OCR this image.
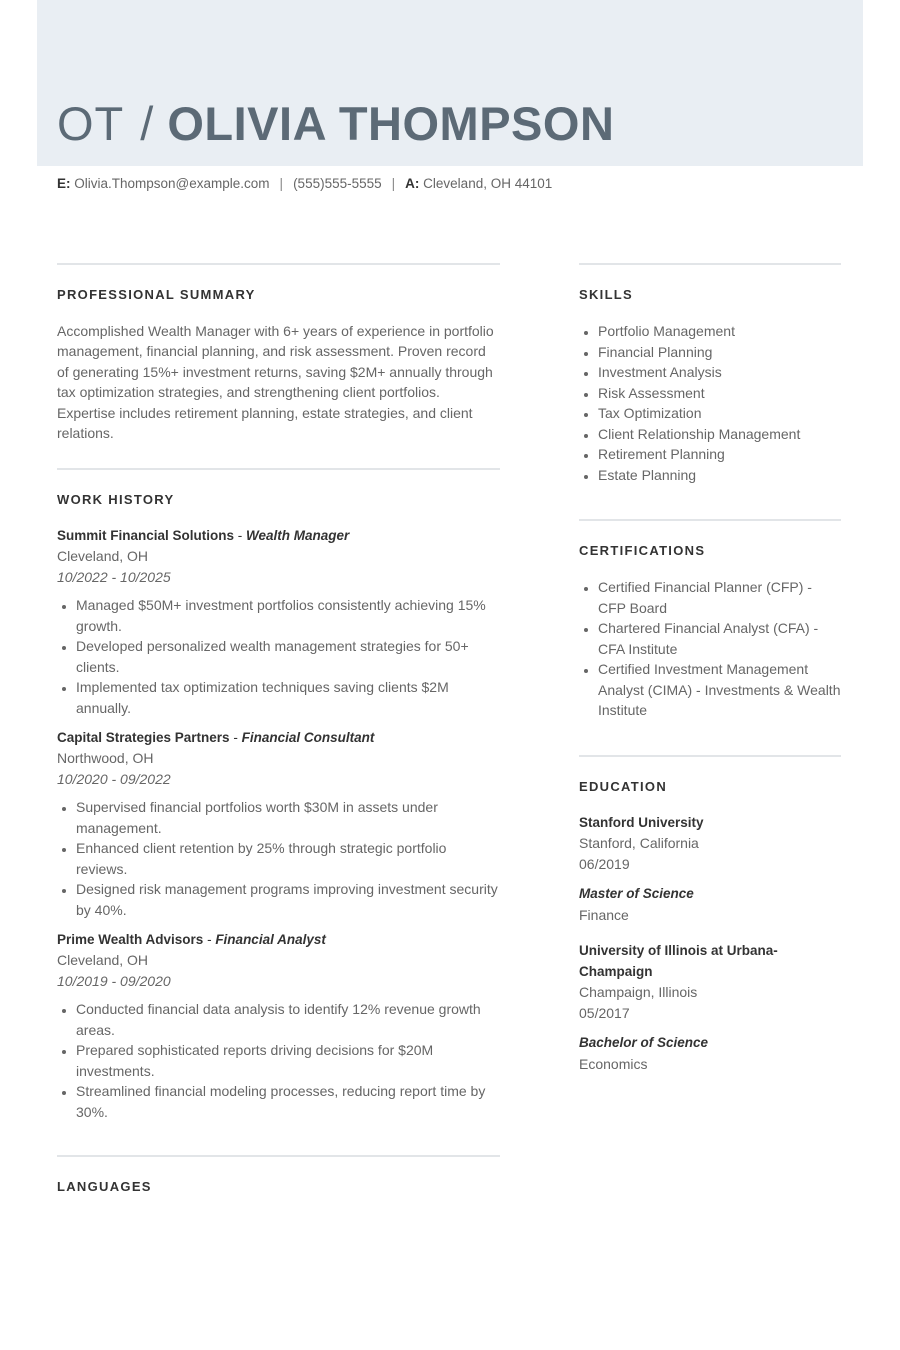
OT / OLIVIA THOMPSON
E: Olivia.Thompson@example.com | (555)555-5555 | A: Cleveland, OH 44101
PROFESSIONAL SUMMARY

Accomplished Wealth Manager with 6+ years of experience in portfolio management, financial planning, and risk assessment. Proven record of generating 15%+ investment returns, saving $2M+ annually through tax optimization strategies, and strengthening client portfolios. Expertise includes retirement planning, estate strategies, and client relations.

WORK HISTORY
Summit Financial Solutions - Wealth Manager
Cleveland, OH
10/2022 - 10/2025
• Managed $50M+ investment portfolios consistently achieving 15% growth.
• Developed personalized wealth management strategies for 50+ clients.
• Implemented tax optimization techniques saving clients $2M annually.
Capital Strategies Partners - Financial Consultant
Northwood, OH
10/2020 - 09/2022
• Supervised financial portfolios worth $30M in assets under management.
• Enhanced client retention by 25% through strategic portfolio reviews.
• Designed risk management programs improving investment security by 40%.
Prime Wealth Advisors - Financial Analyst
Cleveland, OH
10/2019 - 09/2020
• Conducted financial data analysis to identify 12% revenue growth areas.
• Prepared sophisticated reports driving decisions for $20M investments.
• Streamlined financial modeling processes, reducing report time by 30%.
LANGUAGES
SKILLS
• Portfolio Management
• Financial Planning
• Investment Analysis
• Risk Assessment
• Tax Optimization
• Client Relationship Management
• Retirement Planning
• Estate Planning
CERTIFICATIONS
• Certified Financial Planner (CFP) - CFP Board
• Chartered Financial Analyst (CFA) - CFA Institute
• Certified Investment Management Analyst (CIMA) - Investments & Wealth Institute
EDUCATION
Stanford University
Stanford, California
06/2019
Master of Science
Finance
University of Illinois at Urbana-Champaign
Champaign, Illinois
05/2017
Bachelor of Science
Economics
